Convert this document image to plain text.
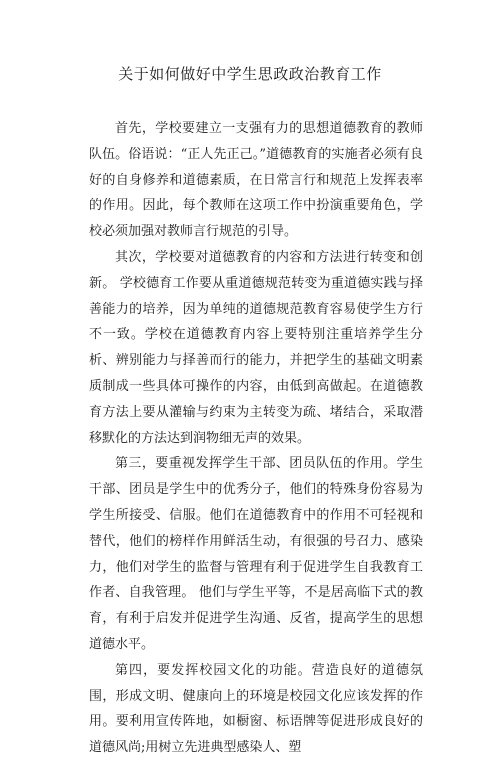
关于如何做好中学生思政政治教育工作

首先，学校要建立一支强有力的思想道德教育的教师队伍。俗语说：“正人先正己。”道德教育的实施者必须有良好的自身修养和道德素质，在日常言行和规范上发挥表率的作用。因此，每个教师在这项工作中扮演重要角色，学校必须加强对教师言行规范的引导。

其次，学校要对道德教育的内容和方法进行转变和创新。 学校德育工作要从重道德规范转变为重道德实践与择善能力的培养，因为单纯的道德规范教育容易使学生方行不一致。学校在道德教育内容上要特别注重培养学生分析、辨别能力与择善而行的能力，并把学生的基础文明素质制成一些具体可操作的内容，由低到高做起。在道德教育方法上要从灌输与约束为主转变为疏、堵结合，采取潜移默化的方法达到润物细无声的效果。

第三，要重视发挥学生干部、团员队伍的作用。学生干部、团员是学生中的优秀分子，他们的特殊身份容易为学生所接受、信服。他们在道德教育中的作用不可轻视和替代，他们的榜样作用鲜活生动，有很强的号召力、感染力，他们对学生的监督与管理有利于促进学生自我教育工作者、自我管理。 他们与学生平等，不是居高临下式的教育，有利于启发并促进学生沟通、反省，提高学生的思想道德水平。

第四，要发挥校园文化的功能。营造良好的道德氛围，形成文明、健康向上的环境是校园文化应该发挥的作用。要利用宣传阵地，如橱窗、标语牌等促进形成良好的道德风尚;用树立先进典型感染人、塑
